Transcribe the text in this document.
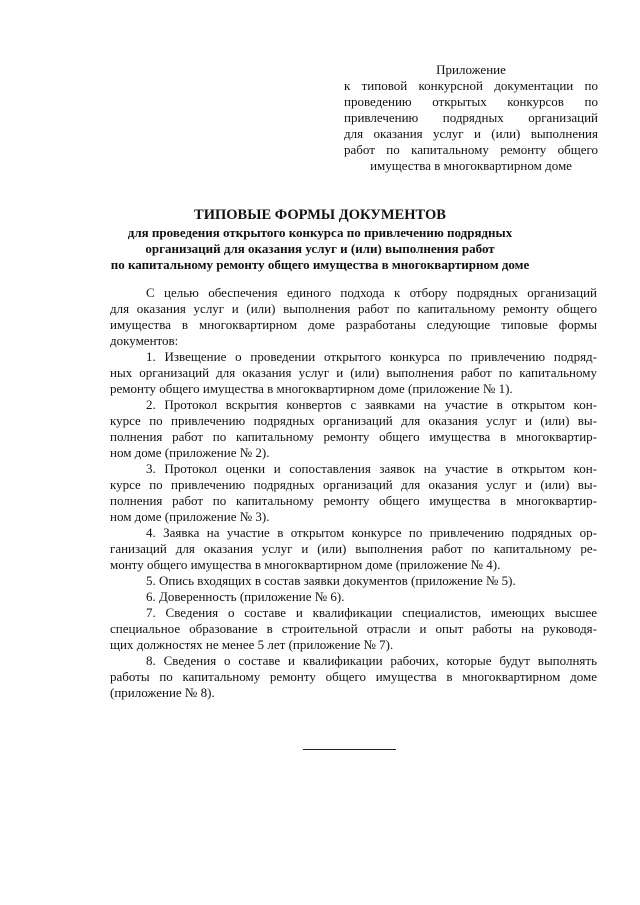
Приложение
к типовой конкурсной документации по
проведению открытых конкурсов по
привлечению подрядных организаций
для оказания услуг и (или) выполнения
работ по капитальному ремонту общего
имущества в многоквартирном доме
ТИПОВЫЕ ФОРМЫ ДОКУМЕНТОВ
для проведения открытого конкурса по привлечению подрядных
организаций для оказания услуг и (или) выполнения работ
по капитальному ремонту общего имущества в многоквартирном доме
С целью обеспечения единого подхода к отбору подрядных организаций
для оказания услуг и (или) выполнения работ по капитальному ремонту общего
имущества в многоквартирном доме разработаны следующие типовые формы
документов:
1. Извещение о проведении открытого конкурса по привлечению подряд-
ных организаций для оказания услуг и (или) выполнения работ по капитальному
ремонту общего имущества в многоквартирном доме (приложение № 1).
2. Протокол вскрытия конвертов с заявками на участие в открытом кон-
курсе по привлечению подрядных организаций для оказания услуг и (или) вы-
полнения работ по капитальному ремонту общего имущества в многоквартир-
ном доме (приложение № 2).
3. Протокол оценки и сопоставления заявок на участие в открытом кон-
курсе по привлечению подрядных организаций для оказания услуг и (или) вы-
полнения работ по капитальному ремонту общего имущества в многоквартир-
ном доме (приложение № 3).
4. Заявка на участие в открытом конкурсе по привлечению подрядных ор-
ганизаций для оказания услуг и (или) выполнения работ по капитальному ре-
монту общего имущества в многоквартирном доме (приложение № 4).
5. Опись входящих в состав заявки документов (приложение № 5).
6. Доверенность (приложение № 6).
7. Сведения о составе и квалификации специалистов, имеющих высшее
специальное образование в строительной отрасли и опыт работы на руководя-
щих должностях не менее 5 лет (приложение № 7).
8. Сведения о составе и квалификации рабочих, которые будут выполнять
работы по капитальному ремонту общего имущества в многоквартирном доме
(приложение № 8).
